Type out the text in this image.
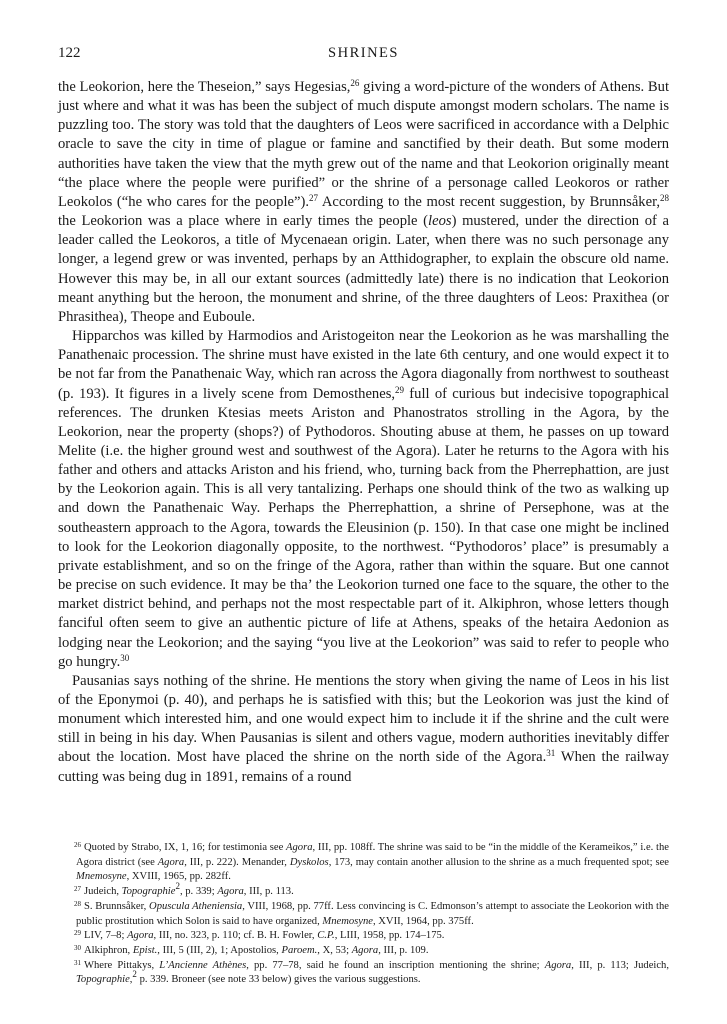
122	SHRINES

the Leokorion, here the Theseion,” says Hegesias,$^{26}$ giving a word-picture of the wonders of Athens. But just where and what it was has been the subject of much dispute amongst modern scholars. The name is puzzling too. The story was told that the daughters of Leos were sacrificed in accordance with a Delphic oracle to save the city in time of plague or famine and sanctified by their death. But some modern authorities have taken the view that the myth grew out of the name and that Leokorion originally meant “the place where the people were purified” or the shrine of a personage called Leokoros or rather Leokolos (“he who cares for the people”).$^{27}$ According to the most recent suggestion, by Brunnsåker,$^{28}$ the Leokorion was a place where in early times the people (leos) mustered, under the direction of a leader called the Leokoros, a title of Mycenaean origin. Later, when there was no such personage any longer, a legend grew or was invented, perhaps by an Atthidographer, to explain the obscure old name. However this may be, in all our extant sources (admittedly late) there is no indication that Leokorion meant anything but the heroon, the monument and shrine, of the three daughters of Leos: Praxithea (or Phrasithea), Theope and Euboule.

Hipparchos was killed by Harmodios and Aristogeiton near the Leokorion as he was marshalling the Panathenaic procession. The shrine must have existed in the late 6th century, and one would expect it to be not far from the Panathenaic Way, which ran across the Agora diagonally from northwest to southeast (p. 193). It figures in a lively scene from Demosthenes,$^{29}$ full of curious but indecisive topographical references. The drunken Ktesias meets Ariston and Phanostratos strolling in the Agora, by the Leokorion, near the property (shops?) of Pythodoros. Shouting abuse at them, he passes on up toward Melite (i.e. the higher ground west and southwest of the Agora). Later he returns to the Agora with his father and others and attacks Ariston and his friend, who, turning back from the Pherrephattion, are just by the Leokorion again. This is all very tantalizing. Perhaps one should think of the two as walking up and down the Panathenaic Way. Perhaps the Pherrephattion, a shrine of Persephone, was at the southeastern approach to the Agora, towards the Eleusinion (p. 150). In that case one might be inclined to look for the Leokorion diagonally opposite, to the northwest. “Pythodoros’ place” is presumably a private establishment, and so on the fringe of the Agora, rather than within the square. But one cannot be precise on such evidence. It may be tha’ the Leokorion turned one face to the square, the other to the market district behind, and perhaps not the most respectable part of it. Alkiphron, whose letters though fanciful often seem to give an authentic picture of life at Athens, speaks of the hetaira Aedonion as lodging near the Leokorion; and the saying “you live at the Leokorion” was said to refer to people who go hungry.$^{30}$

Pausanias says nothing of the shrine. He mentions the story when giving the name of Leos in his list of the Eponymoi (p. 40), and perhaps he is satisfied with this; but the Leokorion was just the kind of monument which interested him, and one would expect him to include it if the shrine and the cult were still in being in his day. When Pausanias is silent and others vague, modern authorities inevitably differ about the location. Most have placed the shrine on the north side of the Agora.$^{31}$ When the railway cutting was being dug in 1891, remains of a round

$^{26}$ Quoted by Strabo, IX, 1, 16; for testimonia see Agora, III, pp. 108ff. The shrine was said to be “in the middle of the Kerameikos,” i.e. the Agora district (see Agora, III, p. 222). Menander, Dyskolos, 173, may contain another allusion to the shrine as a much frequented spot; see Mnemosyne, XVIII, 1965, pp. 282ff.

$^{27}$ Judeich, Topographie$^2$, p. 339; Agora, III, p. 113.

$^{28}$ S. Brunnsåker, Opuscula Atheniensia, VIII, 1968, pp. 77ff. Less convincing is C. Edmonson’s attempt to associate the Leokorion with the public prostitution which Solon is said to have organized, Mnemosyne, XVII, 1964, pp. 375ff.

$^{29}$ LIV, 7–8; Agora, III, no. 323, p. 110; cf. B. H. Fowler, C.P., LIII, 1958, pp. 174–175.

$^{30}$ Alkiphron, Epist., III, 5 (III, 2), 1; Apostolios, Paroem., X, 53; Agora, III, p. 109.

$^{31}$ Where Pittakys, L’Ancienne Athènes, pp. 77–78, said he found an inscription mentioning the shrine; Agora, III, p. 113; Judeich, Topographie,$^2$ p. 339. Broneer (see note 33 below) gives the various suggestions.
